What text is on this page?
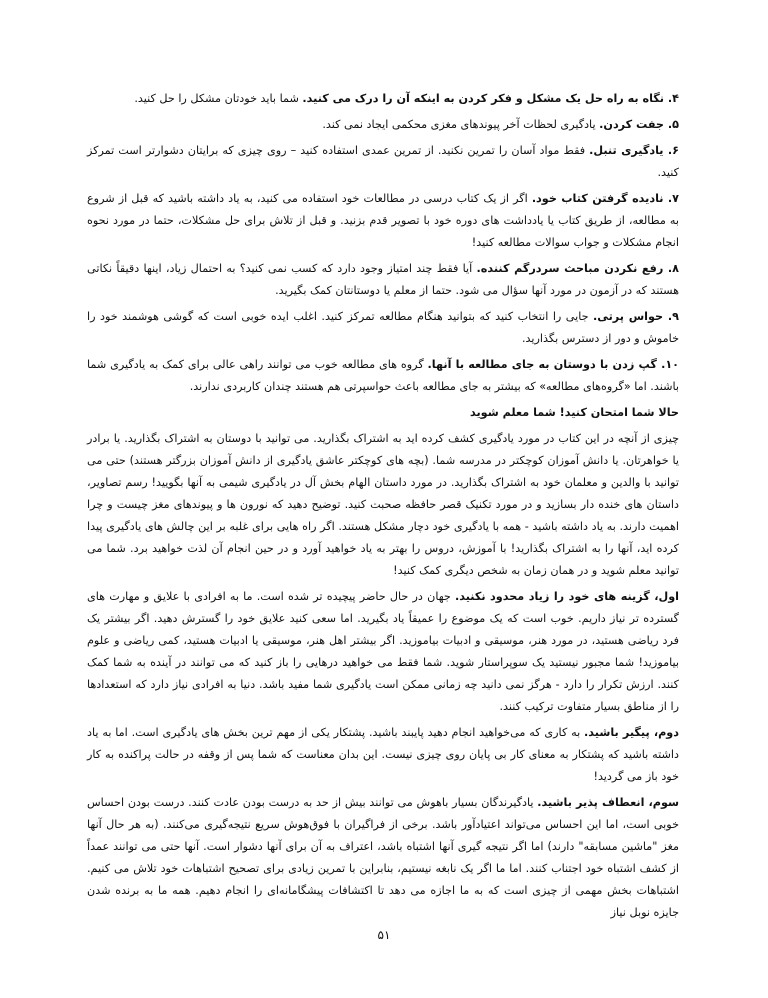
۴. نگاه به راه حل یک مشکل و فکر کردن به اینکه آن را درک می کنید. شما باید خودتان مشکل را حل کنید.

۵. جفت کردن. یادگیری لحظات آخر پیوندهای مغزی محکمی ایجاد نمی کند.

۶. یادگیری تنبل. فقط مواد آسان را تمرین نکنید. از تمرین عمدی استفاده کنید – روی چیزی که برایتان دشوارتر است تمرکز کنید.

۷. نادیده گرفتن کتاب خود. اگر از یک کتاب درسی در مطالعات خود استفاده می کنید، به یاد داشته باشید که قبل از شروع به مطالعه، از طریق کتاب یا یادداشت های دوره خود با تصویر قدم بزنید. و قبل از تلاش برای حل مشکلات، حتما در مورد نحوه انجام مشکلات و جواب سوالات مطالعه کنید!

۸. رفع نکردن مباحث سردرگم کننده. آیا فقط چند امتیاز وجود دارد که کسب نمی کنید؟ به احتمال زیاد، اینها دقیقاً نکاتی هستند که در آزمون در مورد آنها سؤال می شود. حتما از معلم یا دوستانتان کمک بگیرید.

۹. حواس پرتی. جایی را انتخاب کنید که بتوانید هنگام مطالعه تمرکز کنید. اغلب ایده خوبی است که گوشی هوشمند خود را خاموش و دور از دسترس بگذارید.

۱۰. گپ زدن با دوستان به جای مطالعه با آنها. گروه های مطالعه خوب می توانند راهی عالی برای کمک به یادگیری شما باشند. اما «گروه‌های مطالعه» که بیشتر به جای مطالعه باعث حواسپرتی هم هستند چندان کاربردی ندارند.

حالا شما امتحان کنید! شما معلم شوید

چیزی از آنچه در این کتاب در مورد یادگیری کشف کرده اید به اشتراک بگذارید. می توانید با دوستان به اشتراک بگذارید. یا برادر یا خواهرتان. یا دانش آموزان کوچکتر در مدرسه شما. (بچه های کوچکتر عاشق یادگیری از دانش آموزان بزرگتر هستند) حتی می توانید با والدین و معلمان خود به اشتراک بگذارید. در مورد داستان الهام بخش آل در یادگیری شیمی به آنها بگویید! رسم تصاویر، داستان های خنده دار بسازید و در مورد تکنیک قصر حافظه صحبت کنید. توضیح دهید که نورون ها و پیوندهای مغز چیست و چرا اهمیت دارند. به یاد داشته باشید - همه با یادگیری خود دچار مشکل هستند. اگر راه هایی برای غلبه بر این چالش های یادگیری پیدا کرده اید، آنها را به اشتراک بگذارید! با آموزش، دروس را بهتر به یاد خواهید آورد و در حین انجام آن لذت خواهید برد. شما می توانید معلم شوید و در همان زمان به شخص دیگری کمک کنید!

اول، گزینه های خود را زیاد محدود نکنید. جهان در حال حاضر پیچیده تر شده است. ما به افرادی با علایق و مهارت های گسترده تر نیاز داریم. خوب است که یک موضوع را عمیقاً یاد بگیرید. اما سعی کنید علایق خود را گسترش دهید. اگر بیشتر یک فرد ریاضی هستید، در مورد هنر، موسیقی و ادبیات بیاموزید. اگر بیشتر اهل هنر، موسیقی یا ادبیات هستید، کمی ریاضی و علوم بیاموزید! شما مجبور نیستید یک سوپراستار شوید. شما فقط می خواهید درهایی را باز کنید که می توانند در آینده به شما کمک کنند. ارزش تکرار را دارد - هرگز نمی دانید چه زمانی ممکن است یادگیری شما مفید باشد. دنیا به افرادی نیاز دارد که استعدادها را از مناطق بسیار متفاوت ترکیب کنند.

دوم، پیگیر باشید. به کاری که می‌خواهید انجام دهید پایبند باشید. پشتکار یکی از مهم ترین بخش های یادگیری است. اما به یاد داشته باشید که پشتکار به معنای کار بی پایان روی چیزی نیست. این بدان معناست که شما پس از وقفه در حالت پراکنده به کار خود باز می گردید!

سوم، انعطاف پذیر باشید. یادگیرندگان بسیار باهوش می توانند بیش از حد به درست بودن عادت کنند. درست بودن احساس خوبی است، اما این احساس می‌تواند اعتیادآور باشد. برخی از فراگیران با فوق‌هوش سریع نتیجه‌گیری می‌کنند. (به هر حال آنها مغز "ماشین مسابقه" دارند) اما اگر نتیجه گیری آنها اشتباه باشد، اعتراف به آن برای آنها دشوار است. آنها حتی می توانند عمداً از کشف اشتباه خود اجتناب کنند. اما ما اگر یک نابغه نیستیم، بنابراین با تمرین زیادی برای تصحیح اشتباهات خود تلاش می کنیم. اشتباهات بخش مهمی از چیزی است که به ما اجازه می دهد تا اکتشافات پیشگامانه‌ای را انجام دهیم. همه ما به برنده شدن جایزه نوبل نیاز

۵۱
